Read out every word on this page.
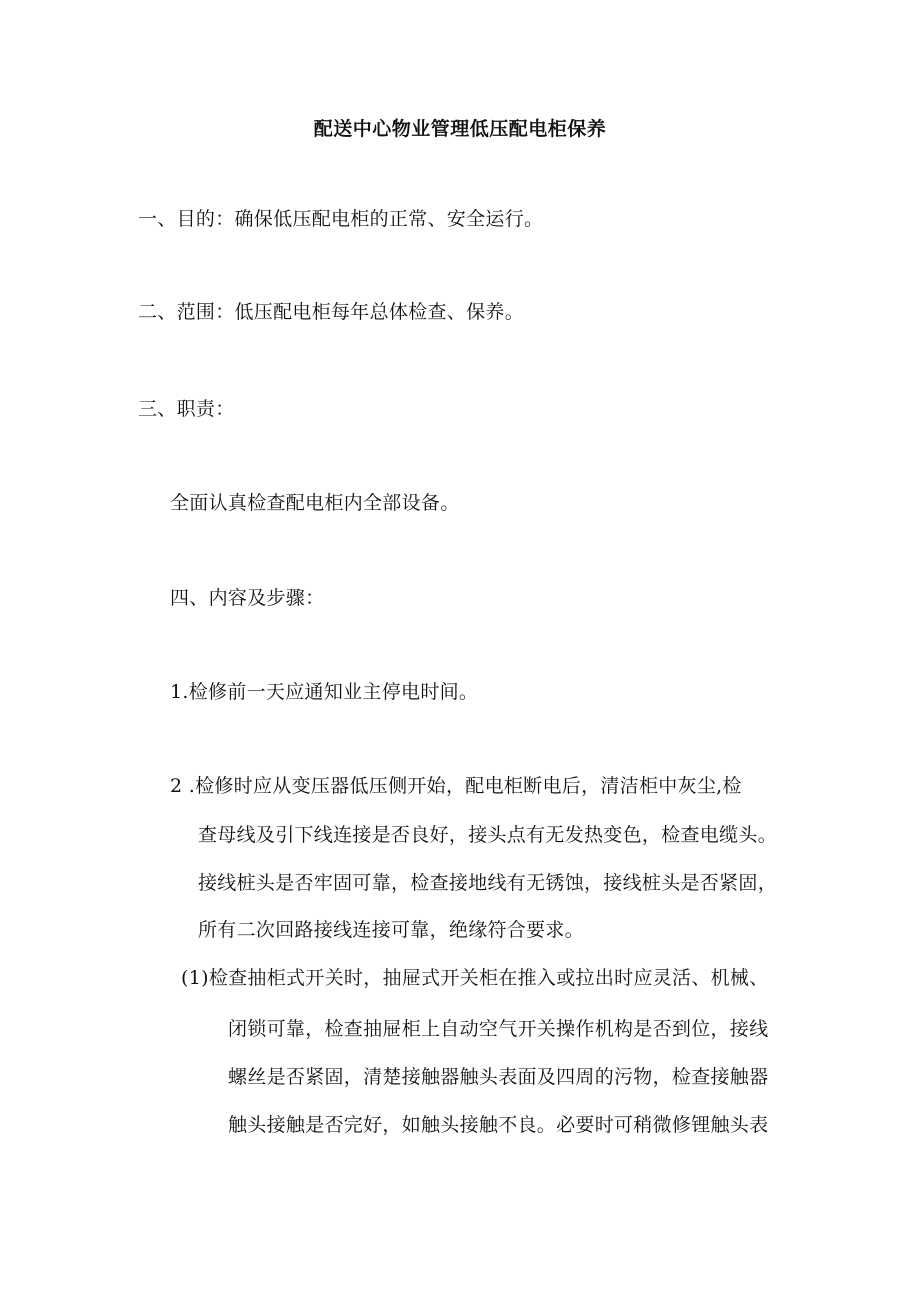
配送中心物业管理低压配电柜保养
一、目的：确保低压配电柜的正常、安全运行。
二、范围：低压配电柜每年总体检查、保养。
三、职责：
全面认真检查配电柜内全部设备。
四、内容及步骤：
1.检修前一天应通知业主停电时间。
2 .检修时应从变压器低压侧开始，配电柜断电后，清洁柜中灰尘,检
查母线及引下线连接是否良好，接头点有无发热变色，检查电缆头。
接线桩头是否牢固可靠，检查接地线有无锈蚀，接线桩头是否紧固，
所有二次回路接线连接可靠，绝缘符合要求。
(1)检查抽柜式开关时，抽屉式开关柜在推入或拉出时应灵活、机械、
闭锁可靠，检查抽屉柜上自动空气开关操作机构是否到位，接线
螺丝是否紧固，清楚接触器触头表面及四周的污物，检查接触器
触头接触是否完好，如触头接触不良。必要时可稍微修锂触头表
